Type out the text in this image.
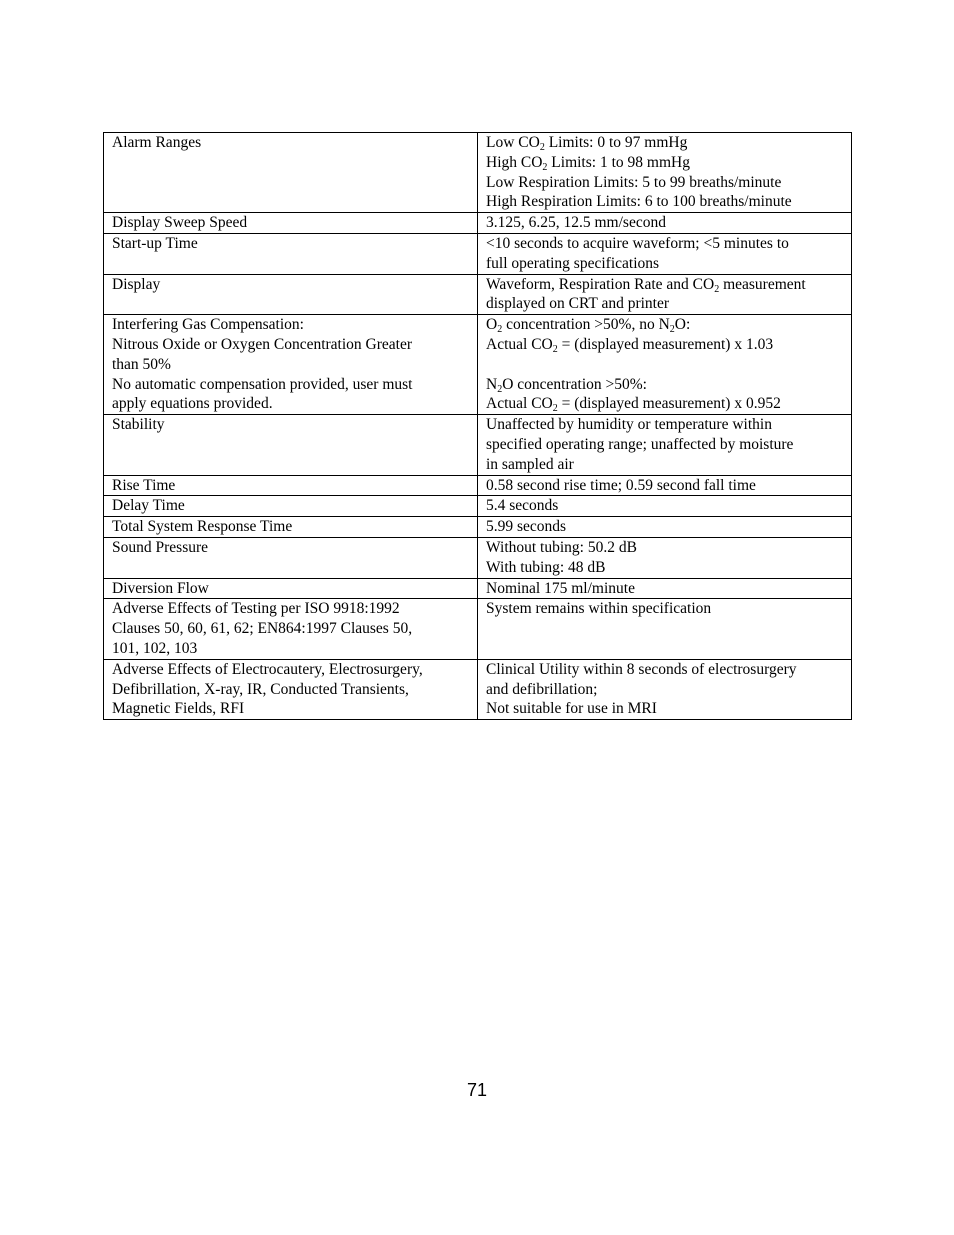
Alarm Ranges	Low $CO_2$ Limits: 0 to 97 mmHg
High $CO_2$ Limits: 1 to 98 mmHg
Low Respiration Limits: 5 to 99 breaths/minute
High Respiration Limits: 6 to 100 breaths/minute

Display Sweep Speed	3.125, 6.25, 12.5 mm/second

Start-up Time	<10 seconds to acquire waveform; <5 minutes to
full operating specifications

Display	Waveform, Respiration Rate and $CO_2$ measurement
displayed on CRT and printer

Interfering Gas Compensation:
Nitrous Oxide or Oxygen Concentration Greater
than 50%
No automatic compensation provided, user must
apply equations provided.	$O_2$ concentration >50%, no $N_2O$:
Actual $CO_2$ = (displayed measurement) x 1.03
$N_2O$ concentration >50%:
Actual $CO_2$ = (displayed measurement) x 0.952

Stability	Unaffected by humidity or temperature within
specified operating range; unaffected by moisture
in sampled air

Rise Time	0.58 second rise time; 0.59 second fall time

Delay Time	5.4 seconds

Total System Response Time	5.99 seconds

Sound Pressure	Without tubing: 50.2 dB
With tubing: 48 dB

Diversion Flow	Nominal 175 ml/minute

Adverse Effects of Testing per ISO 9918:1992
Clauses 50, 60, 61, 62; EN864:1997 Clauses 50,
101, 102, 103	System remains within specification

Adverse Effects of Electrocautery, Electrosurgery,
Defibrillation, X-ray, IR, Conducted Transients,
Magnetic Fields, RFI	Clinical Utility within 8 seconds of electrosurgery
and defibrillation;
Not suitable for use in MRI
71
